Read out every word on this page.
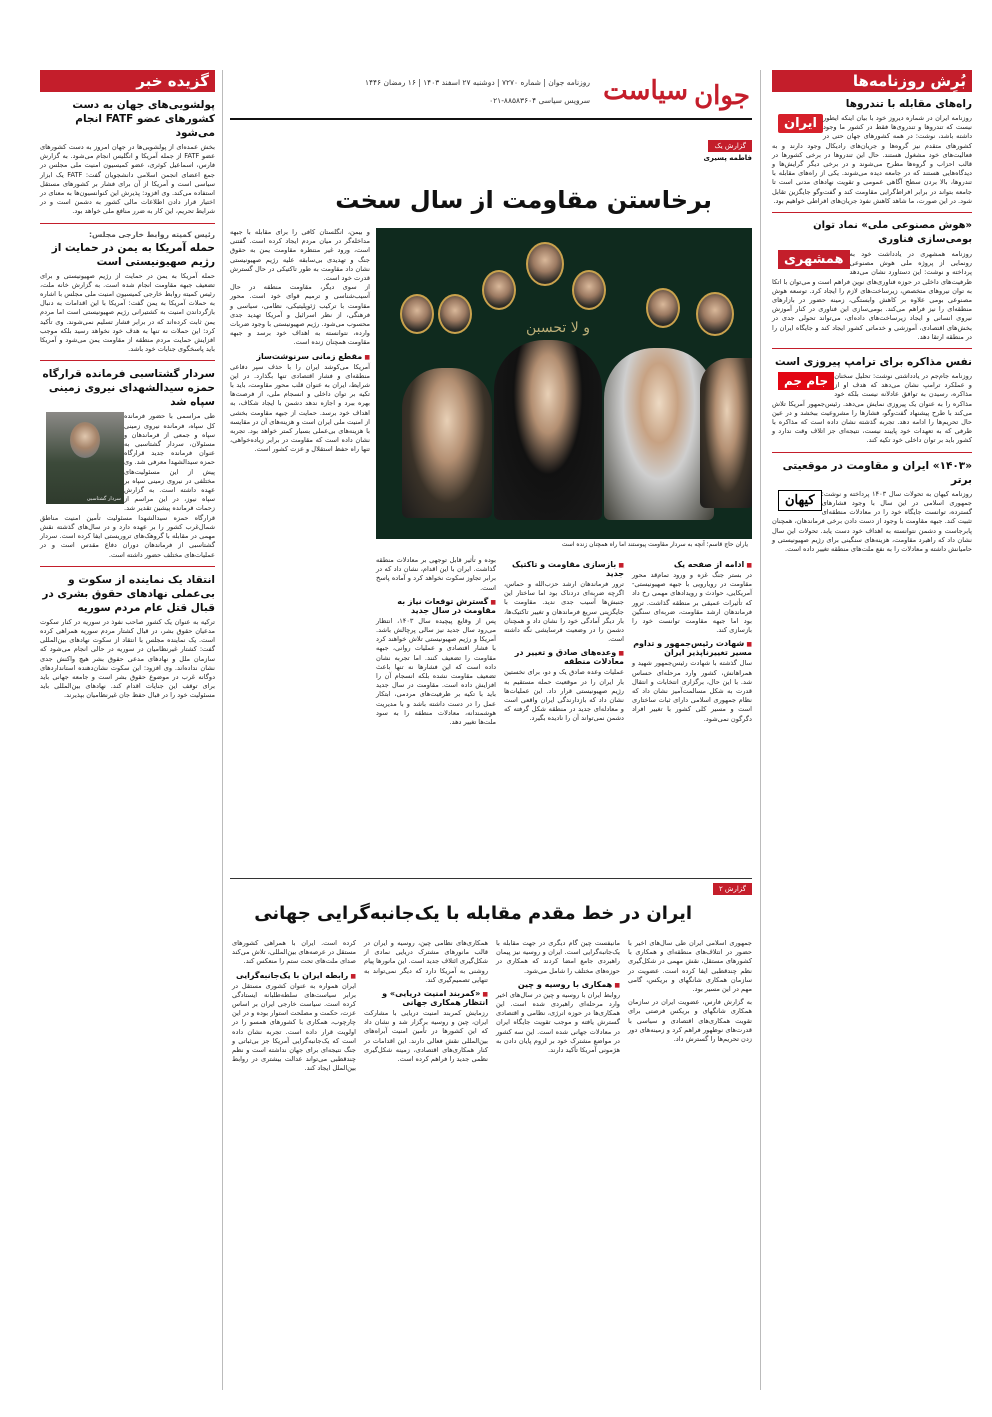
بُرِش روزنامه‌ها
راه‌های مقابله با تندروها
ایران روزنامه ایران در شماره دیروز خود با بیان اینکه ایطور نیست که تندروها و تندروی‌ها فقط در کشور ما وجود داشته باشد، نوشت: در همه کشورهای جهان حتی در کشورهای متقدم نیز گروه‌ها و جریان‌های رادیکال وجود دارند و به فعالیت‌های خود مشغول هستند. حال این تندروها در برخی کشورها در قالب احزاب و گروه‌ها مطرح می‌شوند و در برخی دیگر گرایش‌ها و دیدگاه‌هایی هستند که در جامعه دیده می‌شوند. یکی از راه‌های مقابله با تندروها، بالا بردن سطح آگاهی عمومی و تقویت نهادهای مدنی است تا جامعه بتواند در برابر افراط‌گرایی مقاومت کند و گفت‌وگو جایگزین تقابل شود. در این صورت، ما شاهد کاهش نفوذ جریان‌های افراطی خواهیم بود.

«هوش مصنوعی ملی» نماد توان بومی‌سازی فناوری
همشهری روزنامه همشهری در یادداشت خود به رونمایی از پروژه ملی هوش مصنوعی پرداخته و نوشت: این دستاورد نشان می‌دهد ظرفیت‌های داخلی در حوزه فناوری‌های نوین فراهم است و می‌توان با اتکا به توان نیروهای متخصص، زیرساخت‌های لازم را ایجاد کرد. توسعه هوش مصنوعی بومی علاوه بر کاهش وابستگی، زمینه حضور در بازارهای منطقه‌ای را نیز فراهم می‌کند. بومی‌سازی این فناوری در کنار آموزش نیروی انسانی و ایجاد زیرساخت‌های داده‌ای، می‌تواند تحولی جدی در بخش‌های اقتصادی، آموزشی و خدماتی کشور ایجاد کند و جایگاه ایران را در منطقه ارتقا دهد.

نفس مذاکره برای ترامپ پیروزی است
جام جم روزنامه جام‌جم در یادداشتی نوشت: تحلیل سخنان و عملکرد ترامپ نشان می‌دهد که هدف او از مذاکره، رسیدن به توافق عادلانه نیست بلکه خود مذاکره را به عنوان یک پیروزی نمایش می‌دهد. رئیس‌جمهور آمریکا تلاش می‌کند با طرح پیشنهاد گفت‌وگو، فشارها را مشروعیت ببخشد و در عین حال تحریم‌ها را ادامه دهد. تجربه گذشته نشان داده است که مذاکره با طرفی که به تعهدات خود پایبند نیست، نتیجه‌ای جز اتلاف وقت ندارد و کشور باید بر توان داخلی خود تکیه کند.

«۱۴۰۳» ایران و مقاومت در موقعیتی برتر
کیهان	روزنامه کیهان به تحولات سال ۱۴۰۳ پرداخته و نوشت: جمهوری اسلامی در این سال با وجود فشارهای گسترده، توانست جایگاه خود را در معادلات منطقه‌ای تثبیت کند. جبهه مقاومت با وجود از دست دادن برخی فرماندهان، همچنان پابرجاست و دشمن نتوانسته به اهداف خود دست یابد. تحولات این سال نشان داد که راهبرد مقاومت، هزینه‌های سنگینی برای رژیم صهیونیستی و حامیانش داشته و معادلات را به نفع ملت‌های منطقه تغییر داده است.

جوان
سیاست
روزنامه جوان | شماره ۷۲۷۰ | دوشنبه ۲۷ اسفند ۱۴۰۳ | ۱۶ رمضان ۱۴۴۶
سرویس سیاسی ۸۸۵۸۳۶۰۴-۰۲۱
گزارش یک
فاطمه پسیری
برخاستن مقاومت از سال سخت
و لا تحسبن
یاران حاج قاسم؛ آنچه به سردار مقاومت پیوستند اما راه همچنان زنده است

و بیمن، انگلستان کافی را برای مقابله با جبهه مداخله‌گر در میان مردم ایجاد کرده است. گفتنی است، ورود غیر منتظره مقاومت یمن به حقوق جنگ و تهدیدی بی‌سابقه علیه رژیم صهیونیستی نشان داد مقاومت به طور تاکتیکی در حال گسترش قدرت خود است.

از سوی دیگر، مقاومت منطقه در حال آسیب‌شناسی و ترمیم قوای خود است. محور مقاومت با ترکیب ژئوپلیتیکی، نظامی، سیاسی و فرهنگی، از نظر اسرائیل و آمریکا تهدید جدی محسوب می‌شود. رژیم صهیونیستی با وجود ضربات وارده، نتوانسته به اهداف خود برسد و جبهه مقاومت همچنان زنده است.

■ مقطع زمانی سرنوشت‌ساز

آمریکا می‌کوشد ایران را با حذف سپر دفاعی منطقه‌ای و فشار اقتصادی تنها بگذارد. در این شرایط، ایران به عنوان قلب محور مقاومت، باید با تکیه بر توان داخلی و انسجام ملی، از فرصت‌ها بهره ببرد و اجازه ندهد دشمن با ایجاد شکاف، به اهداف خود برسد. حمایت از جبهه مقاومت بخشی از امنیت ملی ایران است و هزینه‌های آن در مقایسه با هزینه‌های بی‌عملی بسیار کمتر خواهد بود. تجربه نشان داده است که مقاومت در برابر زیاده‌خواهی، تنها راه حفظ استقلال و عزت کشور است.

■ ادامه از صفحه یک

در بستر جنگ غزه و ورود تمام‌قد محور مقاومت در رویارویی با جبهه صهیونیستی-آمریکایی، حوادث و رویدادهای مهمی رخ داد که تأثیرات عمیقی بر منطقه گذاشت. ترور فرماندهان ارشد مقاومت، ضربه‌ای سنگین بود اما جبهه مقاومت توانست خود را بازسازی کند.

■ شهادت رئیس‌جمهور و تداوم مسیر تغییرناپذیر ایران

سال گذشته با شهادت رئیس‌جمهور شهید و همراهانش، کشور وارد مرحله‌ای حساس شد. با این حال، برگزاری انتخابات و انتقال قدرت به شکل مسالمت‌آمیز نشان داد که نظام جمهوری اسلامی دارای ثبات ساختاری است و مسیر کلی کشور با تغییر افراد دگرگون نمی‌شود.

■ بازسازی مقاومت و تاکتیک جدید

ترور فرماندهان ارشد حزب‌الله و حماس، اگرچه ضربه‌ای دردناک بود اما ساختار این جنبش‌ها آسیب جدی ندید. مقاومت با جایگزینی سریع فرماندهان و تغییر تاکتیک‌ها، بار دیگر آمادگی خود را نشان داد و همچنان دشمن را در وضعیت فرسایشی نگه داشته است.

■ وعده‌های صادق و تغییر در معادلات منطقه

عملیات وعده صادق یک و دو، برای نخستین بار ایران را در موقعیت حمله مستقیم به رژیم صهیونیستی قرار داد. این عملیات‌ها نشان داد که بازدارندگی ایران واقعی است و معادله‌ای جدید در منطقه شکل گرفته که دشمن نمی‌تواند آن را نادیده بگیرد.

بوده و تأثیر قابل توجهی بر معادلات منطقه گذاشت. ایران با این اقدام، نشان داد که در برابر تجاوز سکوت نخواهد کرد و آماده پاسخ است.

■ گسترش توقعات نیاز به مقاومت در سال جدید

پس از وقایع پیچیده سال ۱۴۰۳، انتظار می‌رود سال جدید نیز سالی پرچالش باشد. آمریکا و رژیم صهیونیستی تلاش خواهند کرد با فشار اقتصادی و عملیات روانی، جبهه مقاومت را تضعیف کنند. اما تجربه نشان داده است که این فشارها نه تنها باعث تضعیف مقاومت نشده بلکه انسجام آن را افزایش داده است. مقاومت در سال جدید باید با تکیه بر ظرفیت‌های مردمی، ابتکار عمل را در دست داشته باشد و با مدیریت هوشمندانه، معادلات منطقه را به سود ملت‌ها تغییر دهد.

گزارش ۲
ایران در خط مقدم مقابله با یک‌جانبه‌گرایی جهانی

جمهوری اسلامی ایران طی سال‌های اخیر با حضور در انتلاف‌های منطقه‌ای و همکاری با کشورهای مستقل، نقش مهمی در شکل‌گیری نظم چندقطبی ایفا کرده است. عضویت در سازمان همکاری شانگهای و بریکس، گامی مهم در این مسیر بود.

به گزارش فارس، عضویت ایران در سازمان همکاری شانگهای و بریکس فرصتی برای تقویت همکاری‌های اقتصادی و سیاسی با قدرت‌های نوظهور فراهم کرد و زمینه‌های دور زدن تحریم‌ها را گسترش داد.

مانیفست چین گام دیگری در جهت مقابله با یک‌جانبه‌گرایی است. ایران و روسیه نیز پیمان راهبردی جامع امضا کردند که همکاری در حوزه‌های مختلف را شامل می‌شود.

■ همکاری با روسیه و چین

روابط ایران با روسیه و چین در سال‌های اخیر وارد مرحله‌ای راهبردی شده است. این همکاری‌ها در حوزه انرژی، نظامی و اقتصادی گسترش یافته و موجب تقویت جایگاه ایران در معادلات جهانی شده است. این سه کشور در مواضع مشترک خود بر لزوم پایان دادن به هژمونی آمریکا تأکید دارند.

همکاری‌های نظامی چین، روسیه و ایران در قالب مانورهای مشترک دریایی نمادی از شکل‌گیری ائتلاف جدید است. این مانورها پیام روشنی به آمریکا دارد که دیگر نمی‌تواند به تنهایی تصمیم‌گیری کند.

■ «کمربند امنیت دریایی» و انتظار همکاری جهانی

رزمایش کمربند امنیت دریایی با مشارکت ایران، چین و روسیه برگزار شد و نشان داد که این کشورها در تأمین امنیت آبراه‌های بین‌المللی نقش فعالی دارند. این اقدامات در کنار همکاری‌های اقتصادی، زمینه شکل‌گیری نظمی جدید را فراهم کرده است.

کرده است. ایران با همراهی کشورهای مستقل در عرصه‌های بین‌المللی، تلاش می‌کند صدای ملت‌های تحت ستم را منعکس کند.

■ رابطه ایران با یک‌جانبه‌گرایی

ایران همواره به عنوان کشوری مستقل در برابر سیاست‌های سلطه‌طلبانه ایستادگی کرده است. سیاست خارجی ایران بر اساس عزت، حکمت و مصلحت استوار بوده و در این چارچوب، همکاری با کشورهای همسو را در اولویت قرار داده است. تجربه نشان داده است که یک‌جانبه‌گرایی آمریکا جز بی‌ثباتی و جنگ نتیجه‌ای برای جهان نداشته است و نظم چندقطبی می‌تواند عدالت بیشتری در روابط بین‌الملل ایجاد کند.

گزیده خبر
پولشویی‌های جهان به دست کشورهای عضو FATF انجام می‌شود

بخش عمده‌ای از پولشویی‌ها در جهان امروز به دست کشورهای عضو FATF از جمله آمریکا و انگلیس انجام می‌شود. به گزارش فارس، اسماعیل کوثری، عضو کمیسیون امنیت ملی مجلس در جمع اعضای انجمن اسلامی دانشجویان گفت: FATF یک ابزار سیاسی است و آمریکا از آن برای فشار بر کشورهای مستقل استفاده می‌کند. وی افزود: پذیرش این کنوانسیون‌ها به معنای در اختیار قرار دادن اطلاعات مالی کشور به دشمن است و در شرایط تحریم، این کار به ضرر منافع ملی خواهد بود.

رئیس کمیته روابط خارجی مجلس:
حمله آمریکا به یمن در حمایت از رژیم صهیونیستی است

حمله آمریکا به یمن در حمایت از رژیم صهیونیستی و برای تضعیف جبهه مقاومت انجام شده است. به گزارش خانه ملت، رئیس کمیته روابط خارجی کمیسیون امنیت ملی مجلس با اشاره به حملات آمریکا به یمن گفت: آمریکا با این اقدامات به دنبال بازگرداندن امنیت به کشتیرانی رژیم صهیونیستی است اما مردم یمن ثابت کرده‌اند که در برابر فشار تسلیم نمی‌شوند. وی تأکید کرد: این حملات نه تنها به هدف خود نخواهد رسید بلکه موجب افزایش حمایت مردم منطقه از مقاومت یمن می‌شود و آمریکا باید پاسخگوی جنایات خود باشد.

سردار گشتاسبی فرمانده قرارگاه حمزه سیدالشهدای نیروی زمینی سپاه شد
سردار گشتاسبی

طی مراسمی با حضور فرمانده کل سپاه، فرمانده نیروی زمینی سپاه و جمعی از فرماندهان و مسئولان، سردار گشتاسبی به عنوان فرمانده جدید قرارگاه حمزه سیدالشهدا معرفی شد. وی پیش از این مسئولیت‌های مختلفی در نیروی زمینی سپاه بر عهده داشته است. به گزارش سپاه نیوز، در این مراسم از زحمات فرمانده پیشین تقدیر شد. قرارگاه حمزه سیدالشهدا مسئولیت تأمین امنیت مناطق شمال‌غرب کشور را بر عهده دارد و در سال‌های گذشته نقش مهمی در مقابله با گروهک‌های تروریستی ایفا کرده است. سردار گشتاسبی از فرماندهان دوران دفاع مقدس است و در عملیات‌های مختلف حضور داشته است.

انتقاد یک نماینده از سکوت و بی‌عملی نهادهای حقوق بشری در قبال قتل عام مردم سوریه

ترکیه به عنوان یک کشور صاحب نفوذ در سوریه در کنار سکوت مدعیان حقوق بشر، در قبال کشتار مردم سوریه همراهی کرده است. یک نماینده مجلس با انتقاد از سکوت نهادهای بین‌المللی گفت: کشتار غیرنظامیان در سوریه در حالی انجام می‌شود که سازمان ملل و نهادهای مدعی حقوق بشر هیچ واکنش جدی نشان نداده‌اند. وی افزود: این سکوت نشان‌دهنده استانداردهای دوگانه غرب در موضوع حقوق بشر است و جامعه جهانی باید برای توقف این جنایات اقدام کند. نهادهای بین‌المللی باید مسئولیت خود را در قبال حفظ جان غیرنظامیان بپذیرند.
